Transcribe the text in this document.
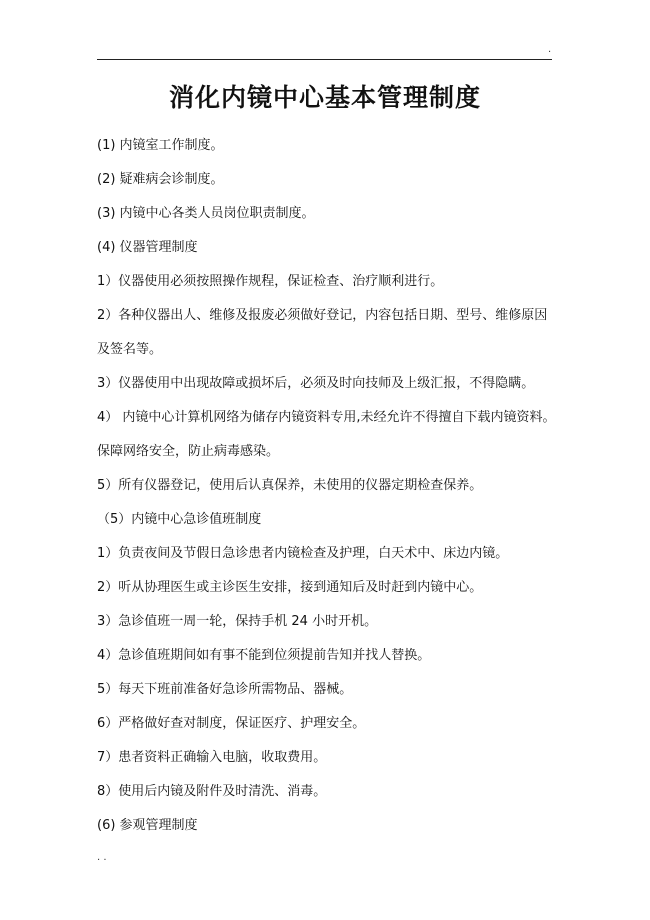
.
消化内镜中心基本管理制度
(1) 内镜室工作制度。
(2) 疑难病会诊制度。
(3) 内镜中心各类人员岗位职责制度。
(4) 仪器管理制度
1）仪器使用必须按照操作规程，保证检查、治疗顺利进行。
2）各种仪器出人、维修及报废必须做好登记，内容包括日期、型号、维修原因
及签名等。
3）仪器使用中出现故障或损坏后，必须及时向技师及上级汇报，不得隐瞒。
4） 内镜中心计算机网络为储存内镜资料专用,未经允许不得擅自下载内镜资料。
保障网络安全，防止病毒感染。
5）所有仪器登记，使用后认真保养，未使用的仪器定期检查保养。
（5）内镜中心急诊值班制度
1）负责夜间及节假日急诊患者内镜检查及护理，白天术中、床边内镜。
2）听从协理医生或主诊医生安排，接到通知后及时赶到内镜中心。
3）急诊值班一周一轮，保持手机 24 小时开机。
4）急诊值班期间如有事不能到位须提前告知并找人替换。
5）每天下班前准备好急诊所需物品、器械。
6）严格做好查对制度，保证医疗、护理安全。
7）患者资料正确输入电脑，收取费用。
8）使用后内镜及附件及时清洗、消毒。
(6) 参观管理制度
. .
